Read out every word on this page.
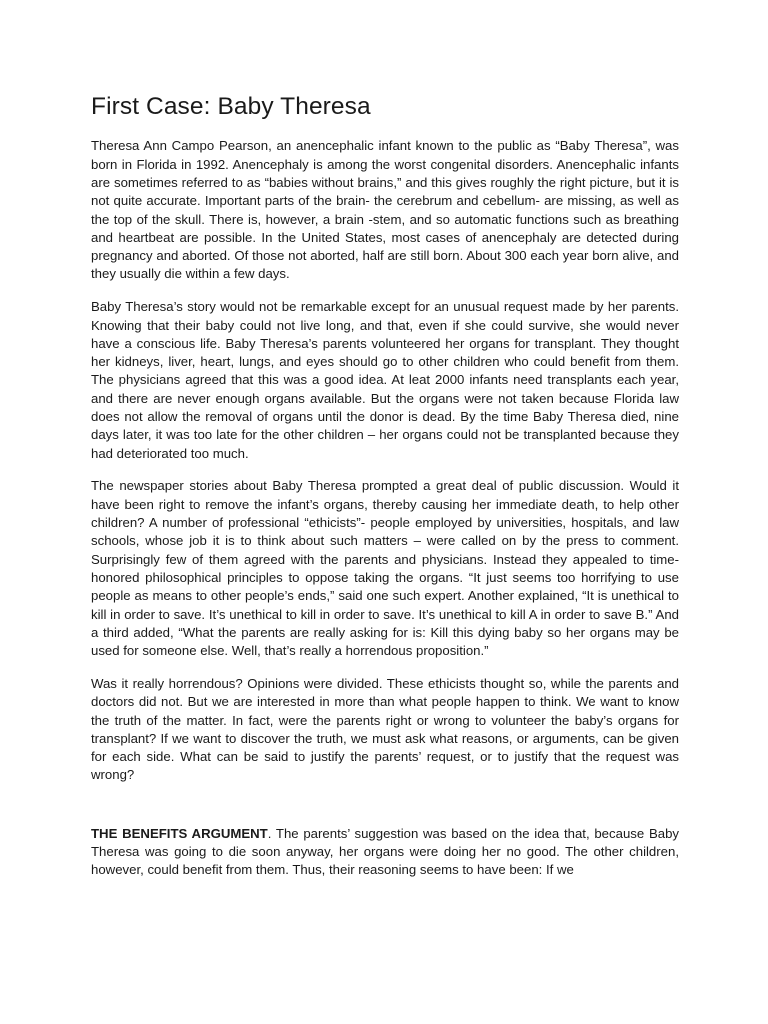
First Case: Baby Theresa

Theresa Ann Campo Pearson, an anencephalic infant known to the public as “Baby Theresa”, was born in Florida in 1992. Anencephaly is among the worst congenital disorders. Anencephalic infants are sometimes referred to as “babies without brains,” and this gives roughly the right picture, but it is not quite accurate. Important parts of the brain- the cerebrum and cebellum- are missing, as well as the top of the skull. There is, however, a brain -stem, and so automatic functions such as breathing and heartbeat are possible. In the United States, most cases of anencephaly are detected during pregnancy and aborted. Of those not aborted, half are still born. About 300 each year born alive, and they usually die within a few days.

Baby Theresa’s story would not be remarkable except for an unusual request made by her parents. Knowing that their baby could not live long, and that, even if she could survive, she would never have a conscious life. Baby Theresa’s parents volunteered her organs for transplant. They thought her kidneys, liver, heart, lungs, and eyes should go to other children who could benefit from them. The physicians agreed that this was a good idea. At leat 2000 infants need transplants each year, and there are never enough organs available. But the organs were not taken because Florida law does not allow the removal of organs until the donor is dead. By the time Baby Theresa died, nine days later, it was too late for the other children – her organs could not be transplanted because they had deteriorated too much.

The newspaper stories about Baby Theresa prompted a great deal of public discussion. Would it have been right to remove the infant’s organs, thereby causing her immediate death, to help other children? A number of professional “ethicists”- people employed by universities, hospitals, and law schools, whose job it is to think about such matters – were called on by the press to comment. Surprisingly few of them agreed with the parents and physicians. Instead they appealed to time-honored philosophical principles to oppose taking the organs. “It just seems too horrifying to use people as means to other people’s ends,” said one such expert. Another explained, “It is unethical to kill in order to save. It’s unethical to kill in order to save. It’s unethical to kill A in order to save B.” And a third added, “What the parents are really asking for is: Kill this dying baby so her organs may be used for someone else. Well, that’s really a horrendous proposition.”

Was it really horrendous? Opinions were divided. These ethicists thought so, while the parents and doctors did not. But we are interested in more than what people happen to think. We want to know the truth of the matter. In fact, were the parents right or wrong to volunteer the baby’s organs for transplant? If we want to discover the truth, we must ask what reasons, or arguments, can be given for each side. What can be said to justify the parents’ request, or to justify that the request was wrong?

THE BENEFITS ARGUMENT. The parents’ suggestion was based on the idea that, because Baby Theresa was going to die soon anyway, her organs were doing her no good. The other children, however, could benefit from them. Thus, their reasoning seems to have been: If we
